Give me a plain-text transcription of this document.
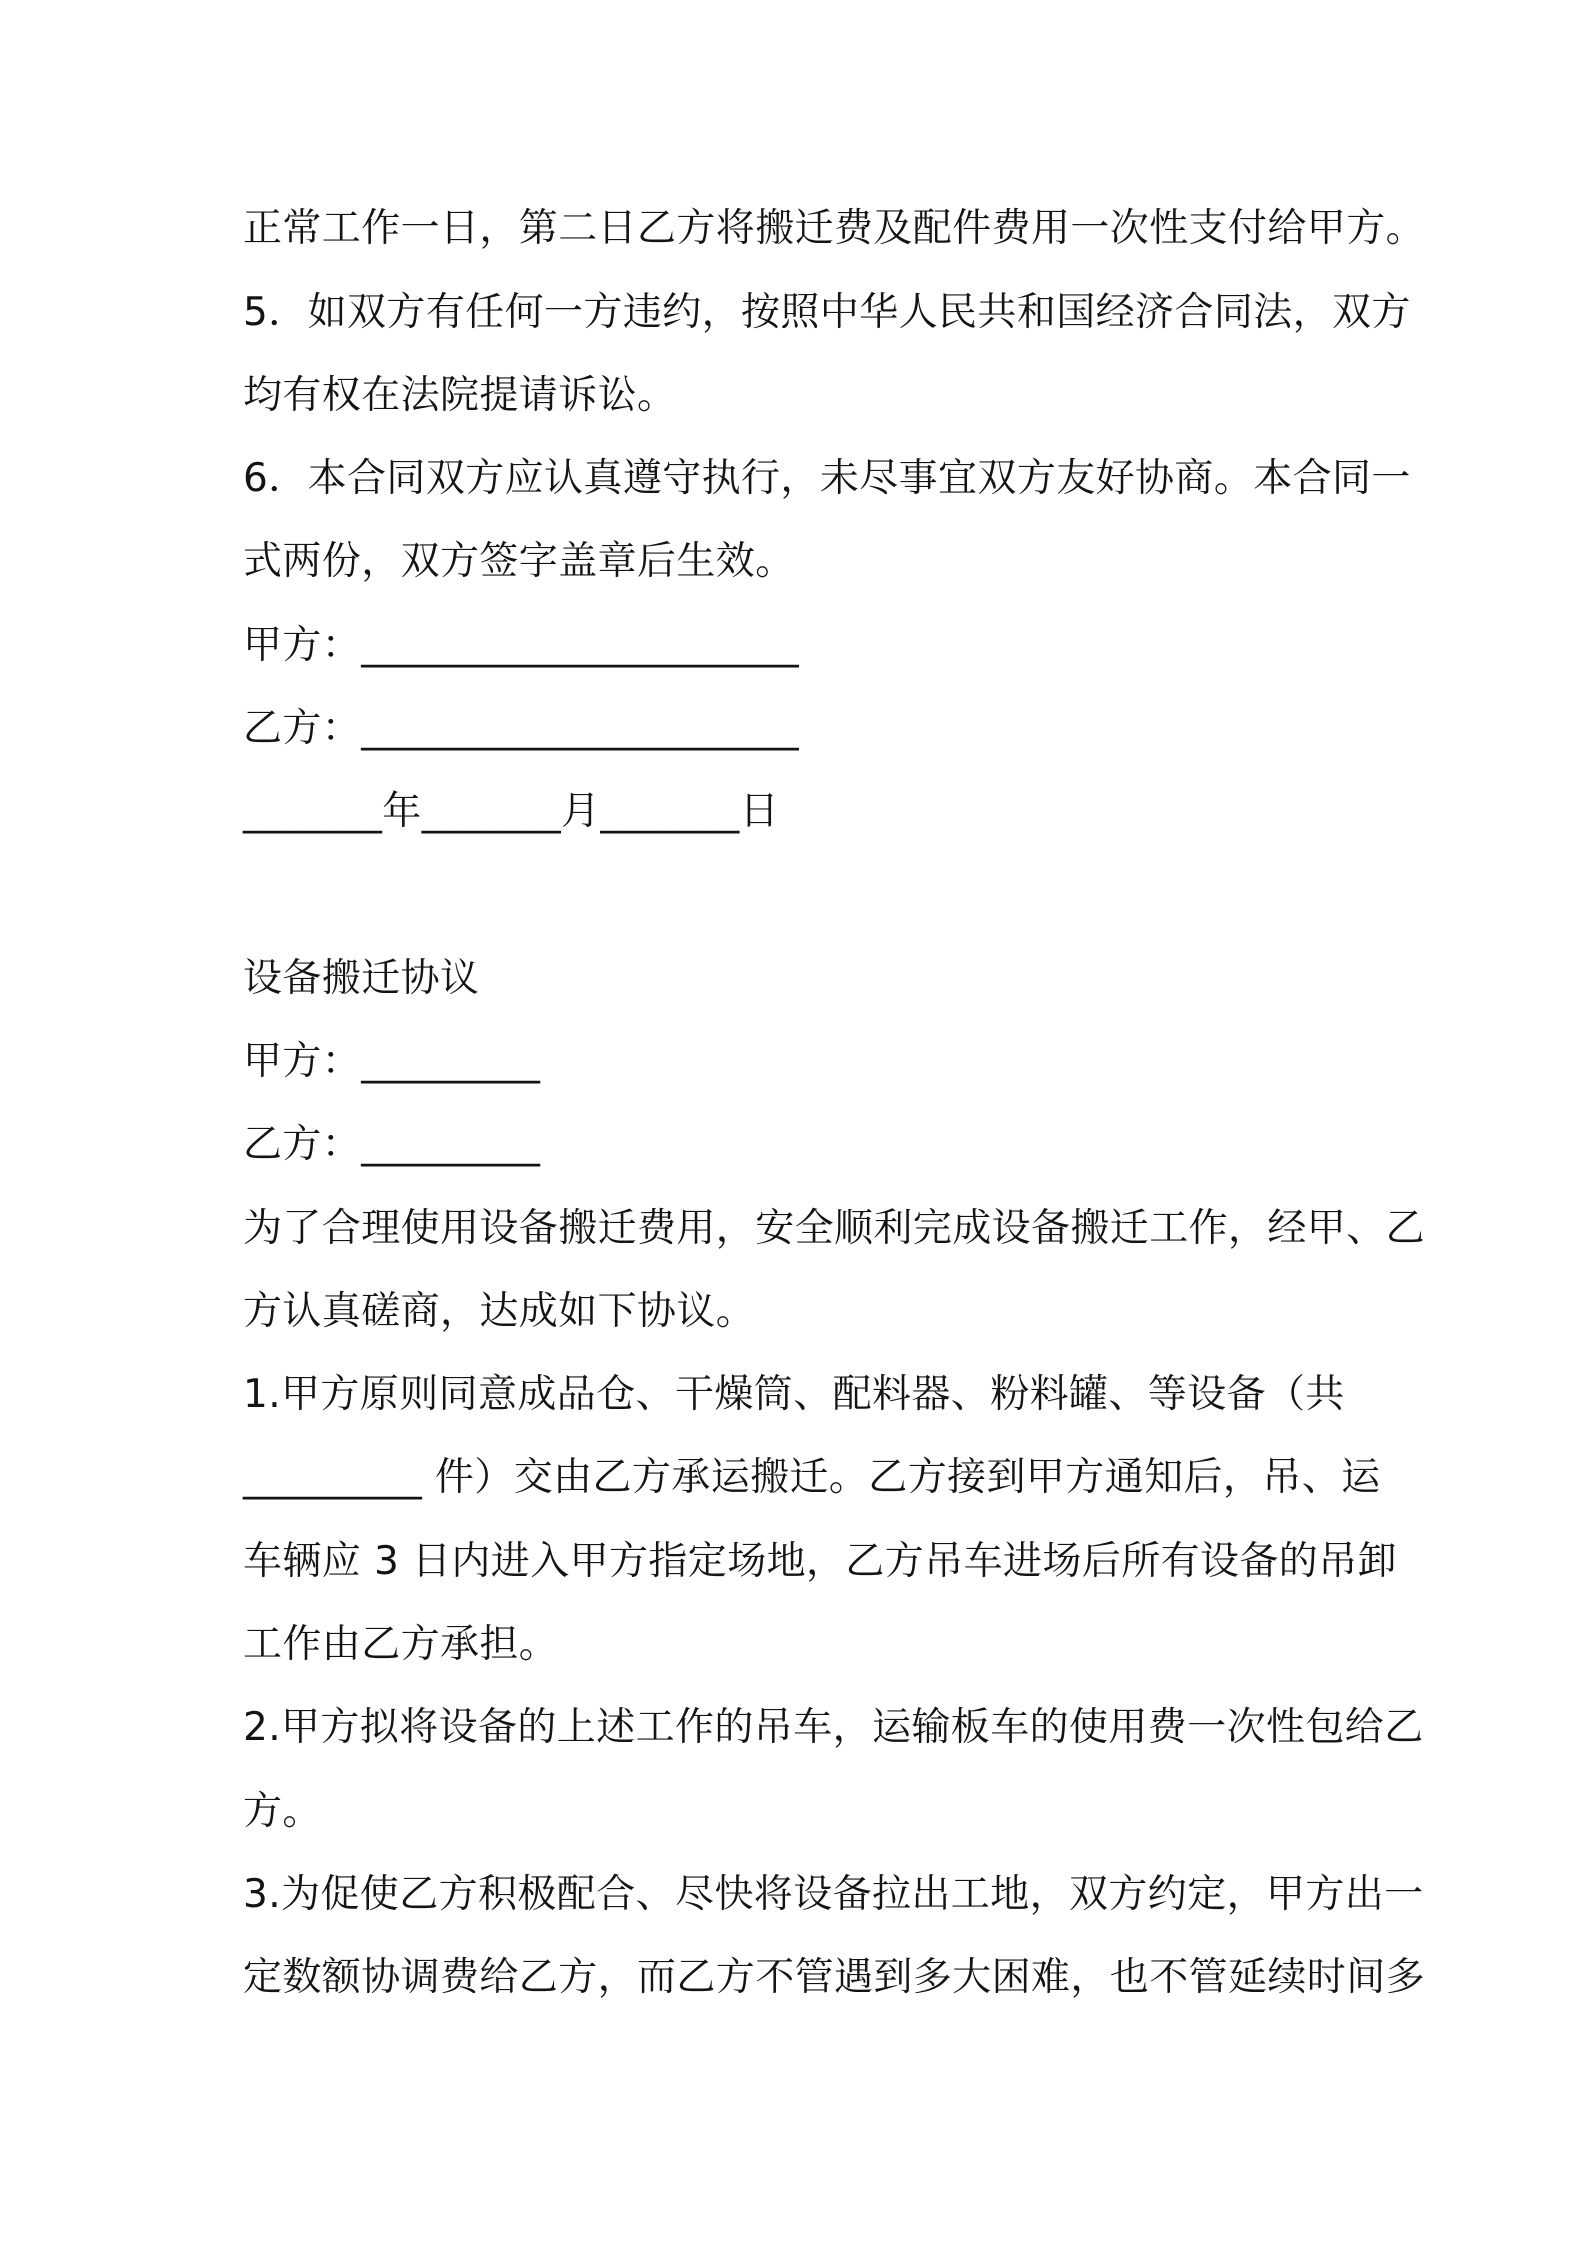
正常工作一日，第二日乙方将搬迁费及配件费用一次性支付给甲方。

5．如双方有任何一方违约，按照中华人民共和国经济合同法，双方

均有权在法院提请诉讼。

6．本合同双方应认真遵守执行，未尽事宜双方友好协商。本合同一

式两份，双方签字盖章后生效。

甲方：______________________

乙方：______________________

_______年_______月_______日

设备搬迁协议

甲方：_________

乙方：_________

为了合理使用设备搬迁费用，安全顺利完成设备搬迁工作，经甲、乙

方认真磋商，达成如下协议。

1.甲方原则同意成品仓、干燥筒、配料器、粉料罐、等设备（共

_________ 件）交由乙方承运搬迁。乙方接到甲方通知后，吊、运

车辆应 3 日内进入甲方指定场地，乙方吊车进场后所有设备的吊卸

工作由乙方承担。

2.甲方拟将设备的上述工作的吊车，运输板车的使用费一次性包给乙

方。

3.为促使乙方积极配合、尽快将设备拉出工地，双方约定，甲方出一

定数额协调费给乙方，而乙方不管遇到多大困难，也不管延续时间多
